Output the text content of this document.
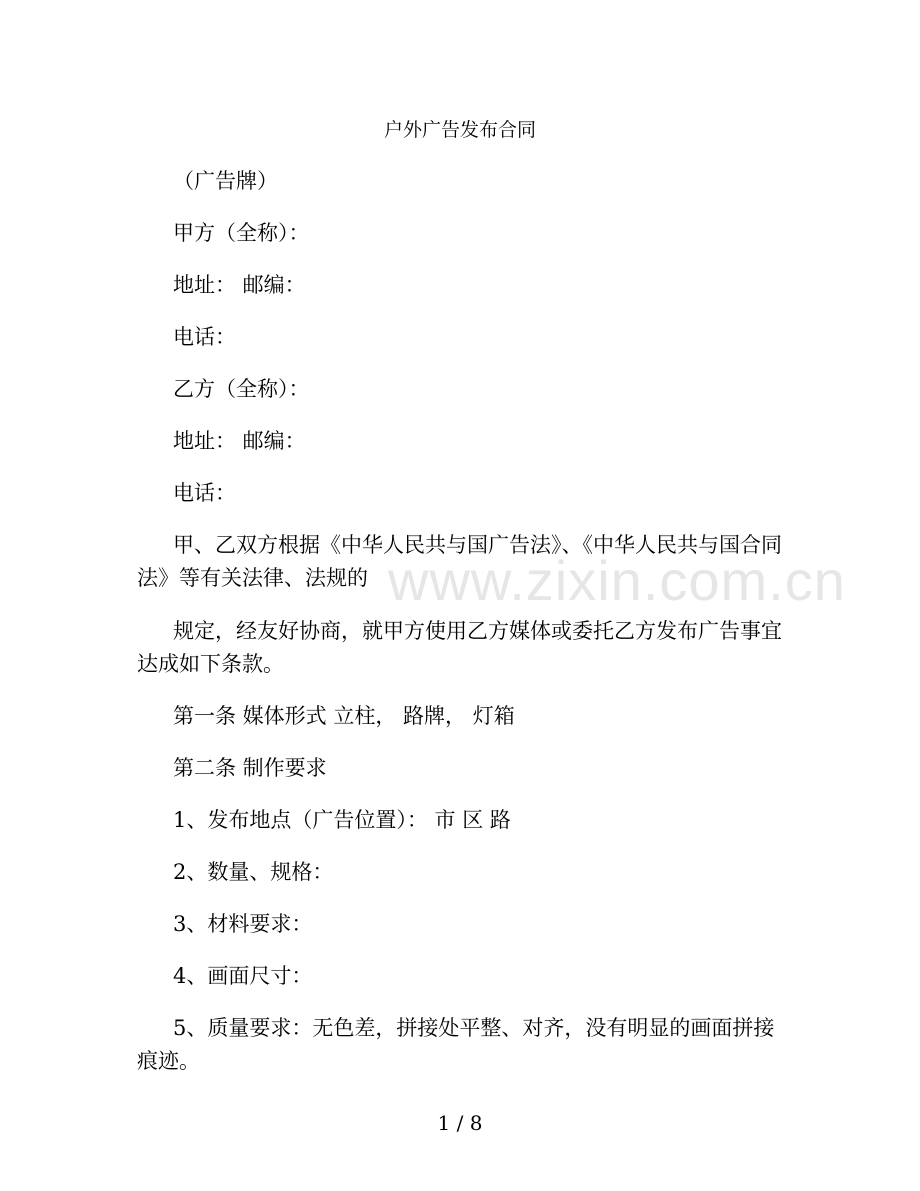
www.zixin.com.cn
户外广告发布合同
（广告牌）
甲方（全称）：
地址： 邮编：
电话：
乙方（全称）：
地址： 邮编：
电话：
甲、乙双方根据《中华人民共与国广告法》、《中华人民共与国合同法》等有关法律、法规的
规定，经友好协商，就甲方使用乙方媒体或委托乙方发布广告事宜达成如下条款。
第一条 媒体形式 立柱， 路牌， 灯箱
第二条 制作要求
1、发布地点（广告位置）： 市 区 路
2、数量、规格：
3、材料要求：
4、画面尺寸：
5、质量要求：无色差，拼接处平整、对齐，没有明显的画面拼接痕迹。
1 / 8
